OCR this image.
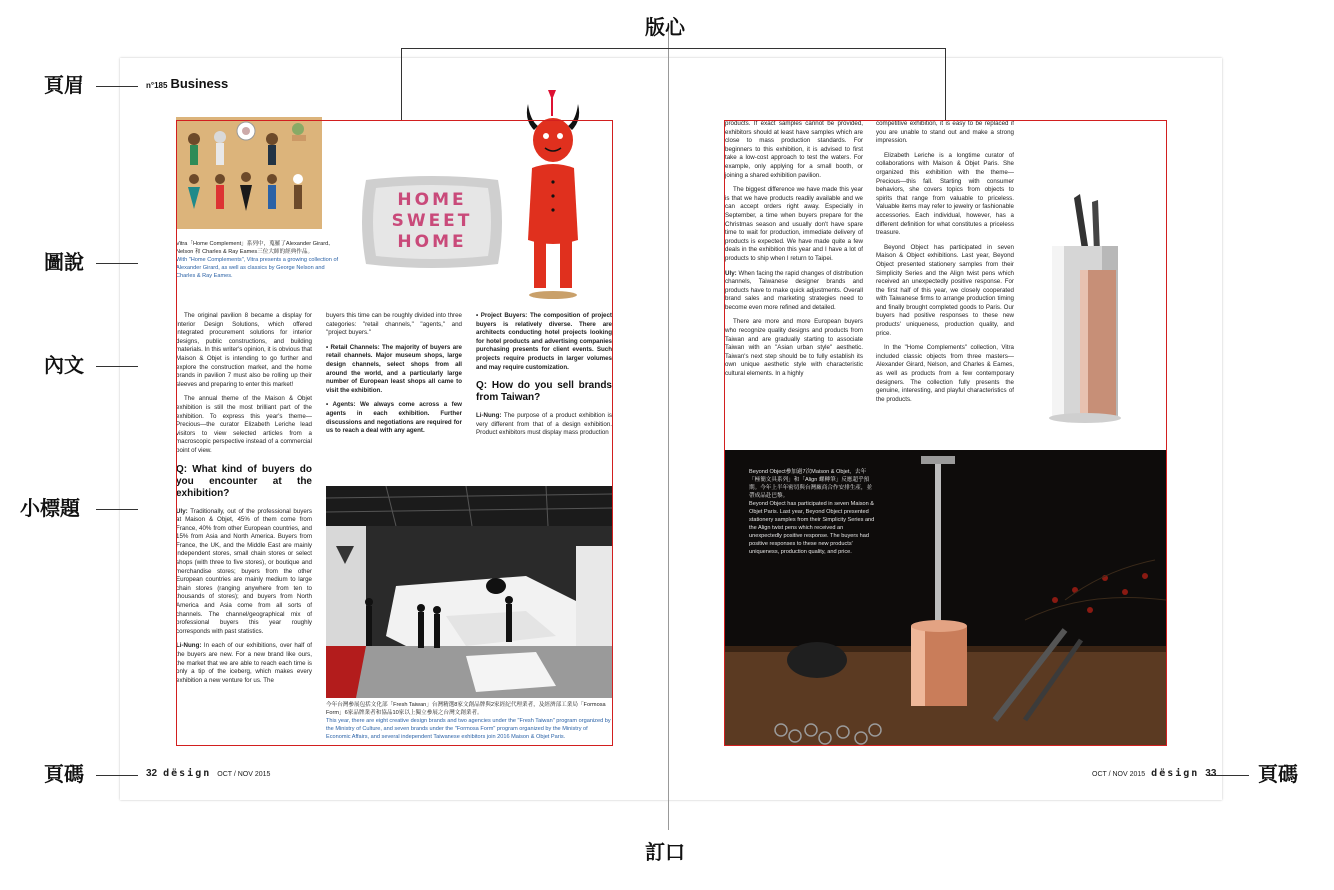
版心
頁眉
圖說
內文
小標題
頁碼	頁碼
訂口
n°185 Business
32 dësign OCT / NOV 2015	OCT / NOV 2015 dësign 33
HOME SWEET HOME
Vitra「Home Complement」系列中，蒐羅了Alexander Girard、Nelson 和 Charles & Ray Eames三位大師的經典作品。
With "Home Complements", Vitra presents a growing collection of Alexander Girard, as well as classics by George Nelson and Charles & Ray Eames.

The original pavilion 8 became a display for Interior Design Solutions, which offered integrated procurement solutions for interior designs, public constructions, and building materials. In this writer's opinion, it is obvious that Maison & Objet is intending to go further and explore the construction market, and the home brands in pavilion 7 must also be rolling up their sleeves and preparing to enter this market!

The annual theme of the Maison & Objet exhibition is still the most brilliant part of the exhibition. To express this year's theme—Precious—the curator Elizabeth Leriche lead visitors to view selected articles from a macroscopic perspective instead of a commercial point of view.

Q: What kind of buyers do you encounter at the exhibition?

Uly: Traditionally, out of the professional buyers at Maison & Objet, 45% of them come from France, 40% from other European countries, and 15% from Asia and North America. Buyers from France, the UK, and the Middle East are mainly independent stores, small chain stores or select shops (with three to five stores), or boutique and merchandise stores; buyers from the other European countries are mainly medium to large chain stores (ranging anywhere from ten to thousands of stores); and buyers from North America and Asia come from all sorts of channels. The channel/geographical mix of professional buyers this year roughly corresponds with past statistics.

Li-Nung: In each of our exhibitions, over half of the buyers are new. For a new brand like ours, the market that we are able to reach each time is only a tip of the iceberg, which makes every exhibition a new venture for us. The

buyers this time can be roughly divided into three categories: "retail channels," "agents," and "project buyers."

• Retail Channels: The majority of buyers are retail channels. Major museum shops, large design channels, select shops from all around the world, and a particularly large number of European least shops all came to visit the exhibition.

• Agents: We always come across a few agents in each exhibition. Further discussions and negotiations are required for us to reach a deal with any agent.

• Project Buyers: The composition of project buyers is relatively diverse. There are architects conducting hotel projects looking for hotel products and advertising companies purchasing presents for client events. Such projects require products in larger volumes and may require customization.

Q: How do you sell brands from Taiwan?

Li-Nung: The purpose of a product exhibition is very different from that of a design exhibition. Product exhibitors must display mass production

今年台灣參展包括文化部「Fresh Taiwan」台灣精選8家文創品牌與2家經紀代理業者，及經濟部工業局「Formosa Form」6家品牌業者和協品10家以上獨立參展之台灣文創業者。
This year, there are eight creative design brands and two agencies under the "Fresh Taiwan" program organized by the Ministry of Culture, and seven brands under the "Formosa Form" program organized by the Ministry of Economic Affairs, and several independent Taiwanese exhibitors join 2016 Maison & Objet Paris.

products. If exact samples cannot be provided, exhibitors should at least have samples which are close to mass production standards. For beginners to this exhibition, it is advised to first take a low-cost approach to test the waters. For example, only applying for a small booth, or joining a shared exhibition pavilion.

The biggest difference we have made this year is that we have products readily available and we can accept orders right away. Especially in September, a time when buyers prepare for the Christmas season and usually don't have spare time to wait for production, immediate delivery of products is expected. We have made quite a few deals in the exhibition this year and I have a lot of products to ship when I return to Taipei.

Uly: When facing the rapid changes of distribution channels, Taiwanese designer brands and products have to make quick adjustments. Overall brand sales and marketing strategies need to become even more refined and detailed.

There are more and more European buyers who recognize quality designs and products from Taiwan and are gradually starting to associate Taiwan with an "Asian urban style" aesthetic. Taiwan's next step should be to fully establish its own unique aesthetic style with characteristic cultural elements. In a highly

competitive exhibition, it is easy to be replaced if you are unable to stand out and make a strong impression.

Elizabeth Leriche is a longtime curator of collaborations with Maison & Objet Paris. She organized this exhibition with the theme—Precious—this fall. Starting with consumer behaviors, she covers topics from objects to spirits that range from valuable to priceless. Valuable items may refer to jewelry or fashionable accessories. Each individual, however, has a different definition for what constitutes a priceless treasure.

Beyond Object has participated in seven Maison & Object exhibitions. Last year, Beyond Object presented stationery samples from their Simplicity Series and the Align twist pens which received an unexpectedly positive response. For the first half of this year, we closely cooperated with Taiwanese firms to arrange production timing and finally brought completed goods to Paris. Our buyers had positive responses to these new products' uniqueness, production quality, and price.

In the "Home Complements" collection, Vitra included classic objects from three masters—Alexander Girard, Nelson, and Charles & Eames, as well as products from a few contemporary designers. The collection fully presents the genuine, interesting, and playful characteristics of the products.

Beyond Object參加過7次Maison & Objet，去年「極簡文具系列」和「Align 螺轉筆」反應超乎預期。今年上半年密切與台灣廠商合作安排生產，並帶成品赴巴黎。
Beyond Object has participated in seven Maison & Objet Paris. Last year, Beyond Object presented stationery samples from their Simplicity Series and the Align twist pens which received an unexpectedly positive response. The buyers had positive responses to these new products' uniqueness, production quality, and price.
